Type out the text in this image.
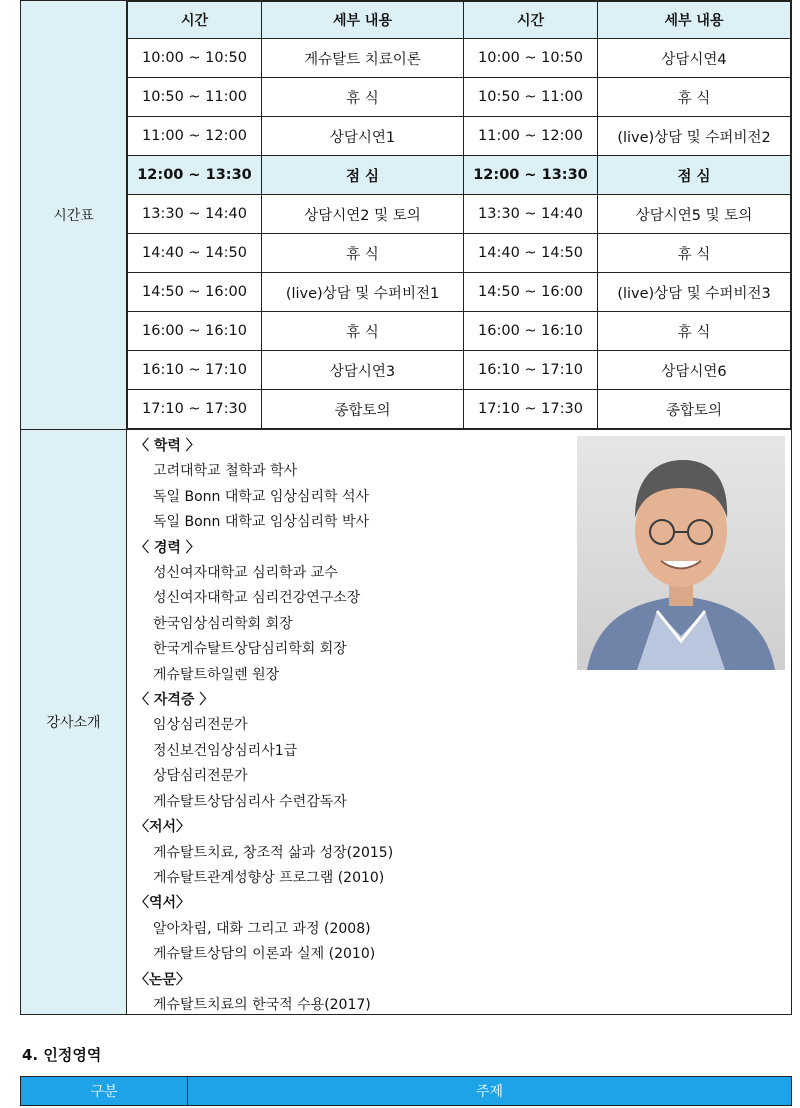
시간표	
시간	세부 내용	시간	세부 내용
10:00 ~ 10:50	게슈탈트 치료이론	10:00 ~ 10:50	상담시연4
10:50 ~ 11:00	휴 식	10:50 ~ 11:00	휴 식
11:00 ~ 12:00	상담시연1	11:00 ~ 12:00	(live)상담 및 수퍼비전2
12:00 ~ 13:30	점 심	12:00 ~ 13:30	점 심
13:30 ~ 14:40	상담시연2 및 토의	13:30 ~ 14:40	상담시연5 및 토의
14:40 ~ 14:50	휴 식	14:40 ~ 14:50	휴 식
14:50 ~ 16:00	(live)상담 및 수퍼비전1	14:50 ~ 16:00	(live)상담 및 수퍼비전3
16:00 ~ 16:10	휴 식	16:00 ~ 16:10	휴 식
16:10 ~ 17:10	상담시연3	16:10 ~ 17:10	상담시연6
17:10 ~ 17:30	종합토의	17:10 ~ 17:30	종합토의

강사소개	
〈 학력 〉
고려대학교 철학과 학사
독일 Bonn 대학교 임상심리학 석사
독일 Bonn 대학교 임상심리학 박사
〈 경력 〉
성신여자대학교 심리학과 교수
성신여자대학교 심리건강연구소장
한국임상심리학회 회장
한국게슈탈트상담심리학회 회장
게슈탈트하일렌 원장
〈 자격증 〉
임상심리전문가
정신보건임상심리사1급
상담심리전문가
게슈탈트상담심리사 수련감독자
〈저서〉
게슈탈트치료, 창조적 삶과 성장(2015)
게슈탈트관계성향상 프로그램 (2010)
〈역서〉
알아차림, 대화 그리고 과정 (2008)
게슈탈트상담의 이론과 실제 (2010)
〈논문〉
게슈탈트치료의 한국적 수용(2017)
4. 인정영역
구분	주제
